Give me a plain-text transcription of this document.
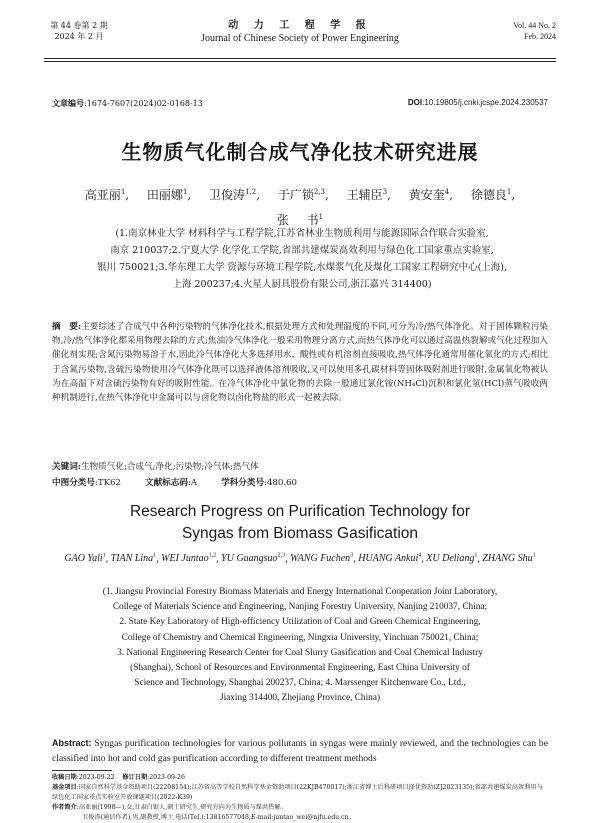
第 44 卷第 2 期
2024 年 2 月
动 力 工 程 学 报
Journal of Chinese Society of Power Engineering
Vol. 44 No. 2
Feb. 2024
文章编号:1674-7607(2024)02-0168-13	DOI:10.19805/j.cnki.jcspe.2024.230537
生物质气化制合成气净化技术研究进展
高亚丽$^1$, 田丽娜$^1$, 卫俊涛$^{1,2}$, 于广锁$^{2,3}$, 王辅臣$^3$, 黄安奎$^4$, 徐德良$^1$, 张 书$^1$
(1.南京林业大学 材料科学与工程学院,江苏省林业生物质利用与能源国际合作联合实验室,
南京 210037;2.宁夏大学 化学化工学院,省部共建煤炭高效利用与绿色化工国家重点实验室,
银川 750021;3.华东理工大学 资源与环境工程学院,水煤浆气化及煤化工国家工程研究中心(上海),
上海 200237;4.火星人厨具股份有限公司,浙江嘉兴 314400)
摘　要:主要综述了合成气中各种污染物的气体净化技术,根据处理方式和处理温度的不同,可分为冷/热气体净化。对于固体颗粒污染物,冷/热气体净化都采用物理去除的方式;焦油冷气体净化一般采用物理分离方式,而热气体净化可以通过高温热裂解或气化过程加入催化剂实现;含氮污染物易溶于水,因此冷气体净化大多选择用水、酸性或有机溶剂直接吸收,热气体净化通常用催化氧化的方式;相比于含氮污染物,含硫污染物使用冷气体净化既可以选择液体溶剂吸收,又可以使用多孔碳材料等固体吸附剂进行吸附,金属氧化物被认为在高温下对含硫污染物有好的吸附性能。在冷气体净化中氯化物的去除一般通过氯化铵(NH₄Cl)沉积和氯化氢(HCl)蒸气吸收两种机制进行,在热气体净化中金属可以与卤化物以卤化物盐的形式一起被去除。
关键词:生物质气化;合成气;净化;污染物;冷气体;热气体
中图分类号:TK62	文献标志码:A	学科分类号:480.60
Research Progress on Purification Technology for
Syngas from Biomass Gasification
GAO Yali$^1$, TIAN Lina$^1$, WEI Juntao$^{1,2}$, YU Guangsuo$^{2,3}$, WANG Fuchen$^3$, HUANG Ankui$^4$, XU Deliang$^1$, ZHANG Shu$^1$
(1. Jiangsu Provincial Forestry Biomass Materials and Energy International Cooperation Joint Laboratory,
College of Materials Science and Engineering, Nanjing Forestry University, Nanjing 210037, China;
2. State Key Laboratory of High-efficiency Utilization of Coal and Green Chemical Engineering,
College of Chemistry and Chemical Engineering, Ningxia University, Yinchuan 750021, China;
3. National Engineering Research Center for Coal Slurry Gasification and Coal Chemical Industry
(Shanghai), School of Resources and Environmental Engineering, East China University of
Science and Technology, Shanghai 200237, China; 4. Marssenger Kitchenware Co., Ltd.,
Jiaxing 314400, Zhejiang Province, China)
Abstract: Syngas purification technologies for various pollutants in syngas were mainly reviewed, and the technologies can be classified into hot and cold gas purification according to different treatment methods
收稿日期:2023-09-22 修订日期:2023-09-26
基金项目:国家自然科学基金资助项目(22208154);江苏省高等学校自然科学基金资助项目(22KJB470017);浙江省博士后科研项目择优资助(ZJ2023135);省部共建煤炭高效利用与绿色化工国家重点实验室开放课题项目(2022-K39)
作者简介:高亚丽(1998—),女,甘肃白银人,硕士研究生,研究方向为生物质与煤共热解。
卫俊涛(通信作者),男,副教授,博士,电话(Tel.):13816577048;E-mail:juntao_wei@njfu.edu.cn。
